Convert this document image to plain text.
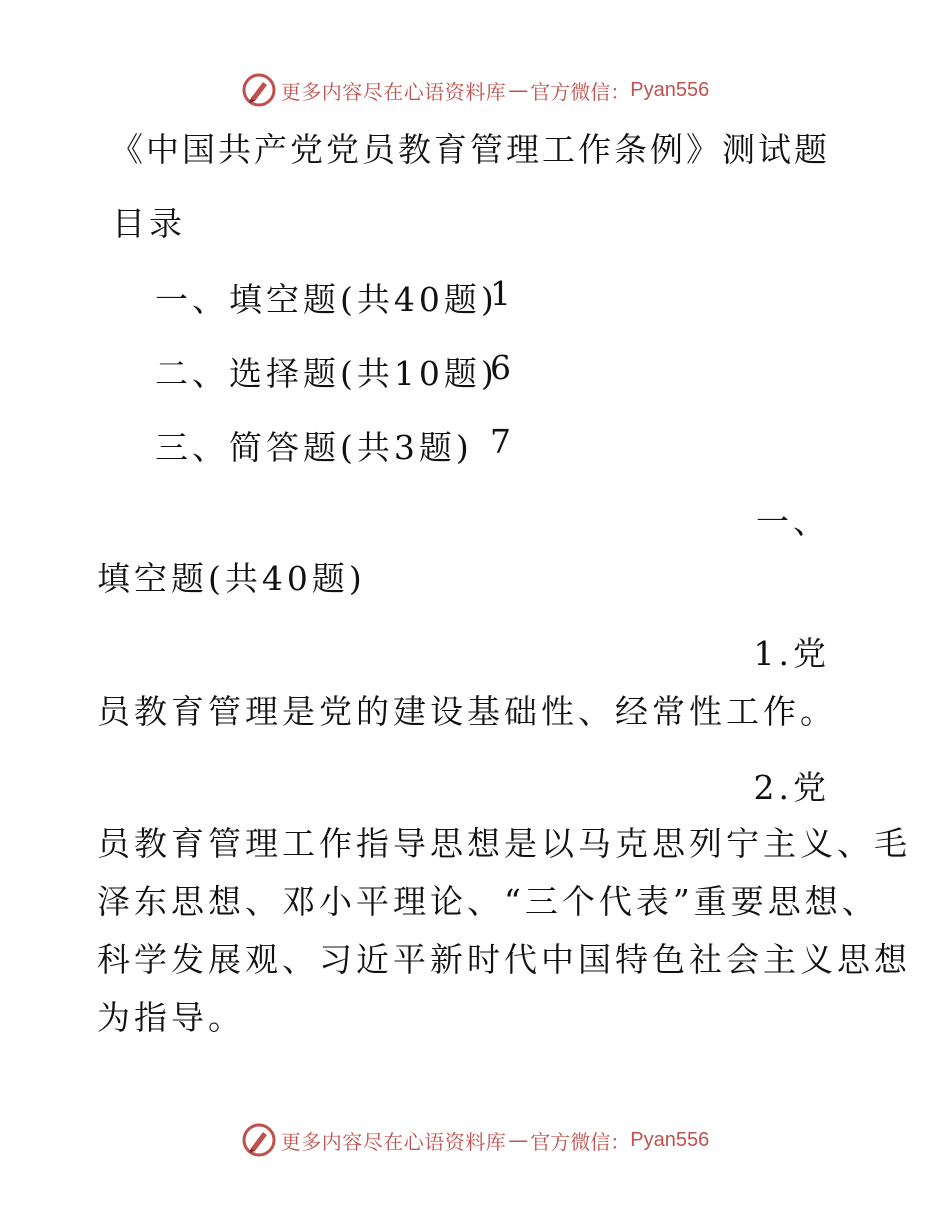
更多内容尽在心语资料库 — 官方微信： Pyan556
《中国共产党党员教育管理工作条例》测试题
目录
一、填空题(共40题)
1
二、选择题(共10题)
6
三、简答题(共3题) 7
一、
填空题(共40题)
1.党
员教育管理是党的建设基础性、经常性工作。
2.党
员教育管理工作指导思想是以马克思列宁主义、毛
泽东思想、邓小平理论、“三个代表”重要思想、
科学发展观、习近平新时代中国特色社会主义思想
为指导。
更多内容尽在心语资料库 — 官方微信： Pyan556
